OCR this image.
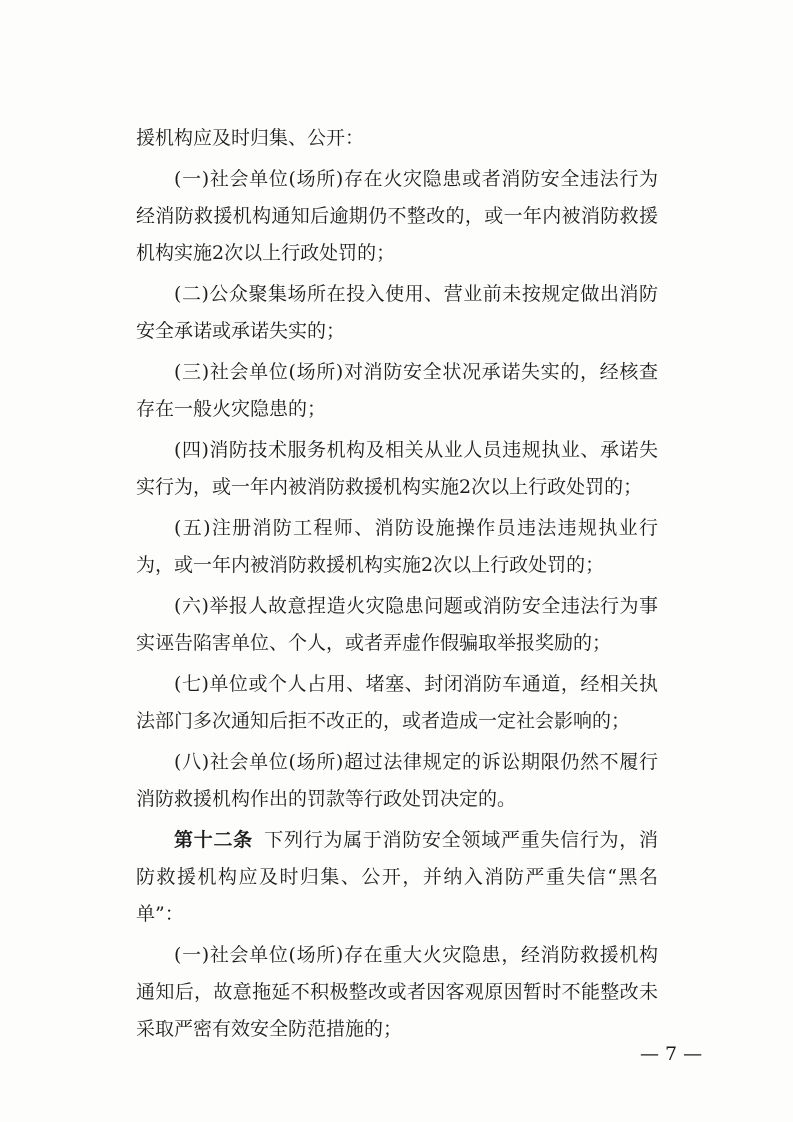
援机构应及时归集、公开：

(一)社会单位(场所)存在火灾隐患或者消防安全违法行为经消防救援机构通知后逾期仍不整改的，或一年内被消防救援机构实施2次以上行政处罚的；

(二)公众聚集场所在投入使用、营业前未按规定做出消防安全承诺或承诺失实的；

(三)社会单位(场所)对消防安全状况承诺失实的，经核查存在一般火灾隐患的；

(四)消防技术服务机构及相关从业人员违规执业、承诺失实行为，或一年内被消防救援机构实施2次以上行政处罚的；

(五)注册消防工程师、消防设施操作员违法违规执业行为，或一年内被消防救援机构实施2次以上行政处罚的；

(六)举报人故意捏造火灾隐患问题或消防安全违法行为事实诬告陷害单位、个人，或者弄虚作假骗取举报奖励的；

(七)单位或个人占用、堵塞、封闭消防车通道，经相关执法部门多次通知后拒不改正的，或者造成一定社会影响的；

(八)社会单位(场所)超过法律规定的诉讼期限仍然不履行消防救援机构作出的罚款等行政处罚决定的。

第十二条 下列行为属于消防安全领域严重失信行为，消防救援机构应及时归集、公开，并纳入消防严重失信“黑名单”：

(一)社会单位(场所)存在重大火灾隐患，经消防救援机构通知后，故意拖延不积极整改或者因客观原因暂时不能整改未采取严密有效安全防范措施的；

— 7 —
